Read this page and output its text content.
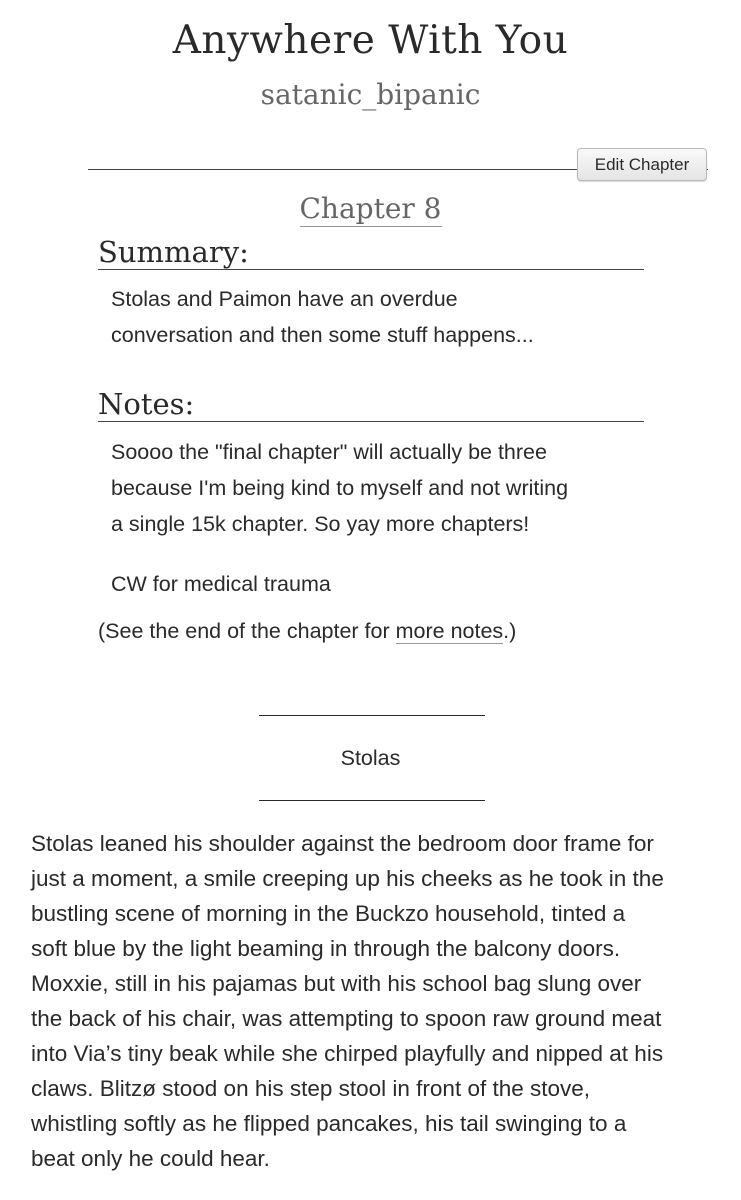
Anywhere With You
satanic_bipanic
Edit Chapter
Chapter 8
Summary:
Stolas and Paimon have an overdue
conversation and then some stuff happens...
Notes:
Soooo the "final chapter" will actually be three
because I'm being kind to myself and not writing
a single 15k chapter. So yay more chapters!
CW for medical trauma
(See the end of the chapter for more notes.)
Stolas
Stolas leaned his shoulder against the bedroom door frame for
just a moment, a smile creeping up his cheeks as he took in the
bustling scene of morning in the Buckzo household, tinted a
soft blue by the light beaming in through the balcony doors.
Moxxie, still in his pajamas but with his school bag slung over
the back of his chair, was attempting to spoon raw ground meat
into Via’s tiny beak while she chirped playfully and nipped at his
claws. Blitzø stood on his step stool in front of the stove,
whistling softly as he flipped pancakes, his tail swinging to a
beat only he could hear.
